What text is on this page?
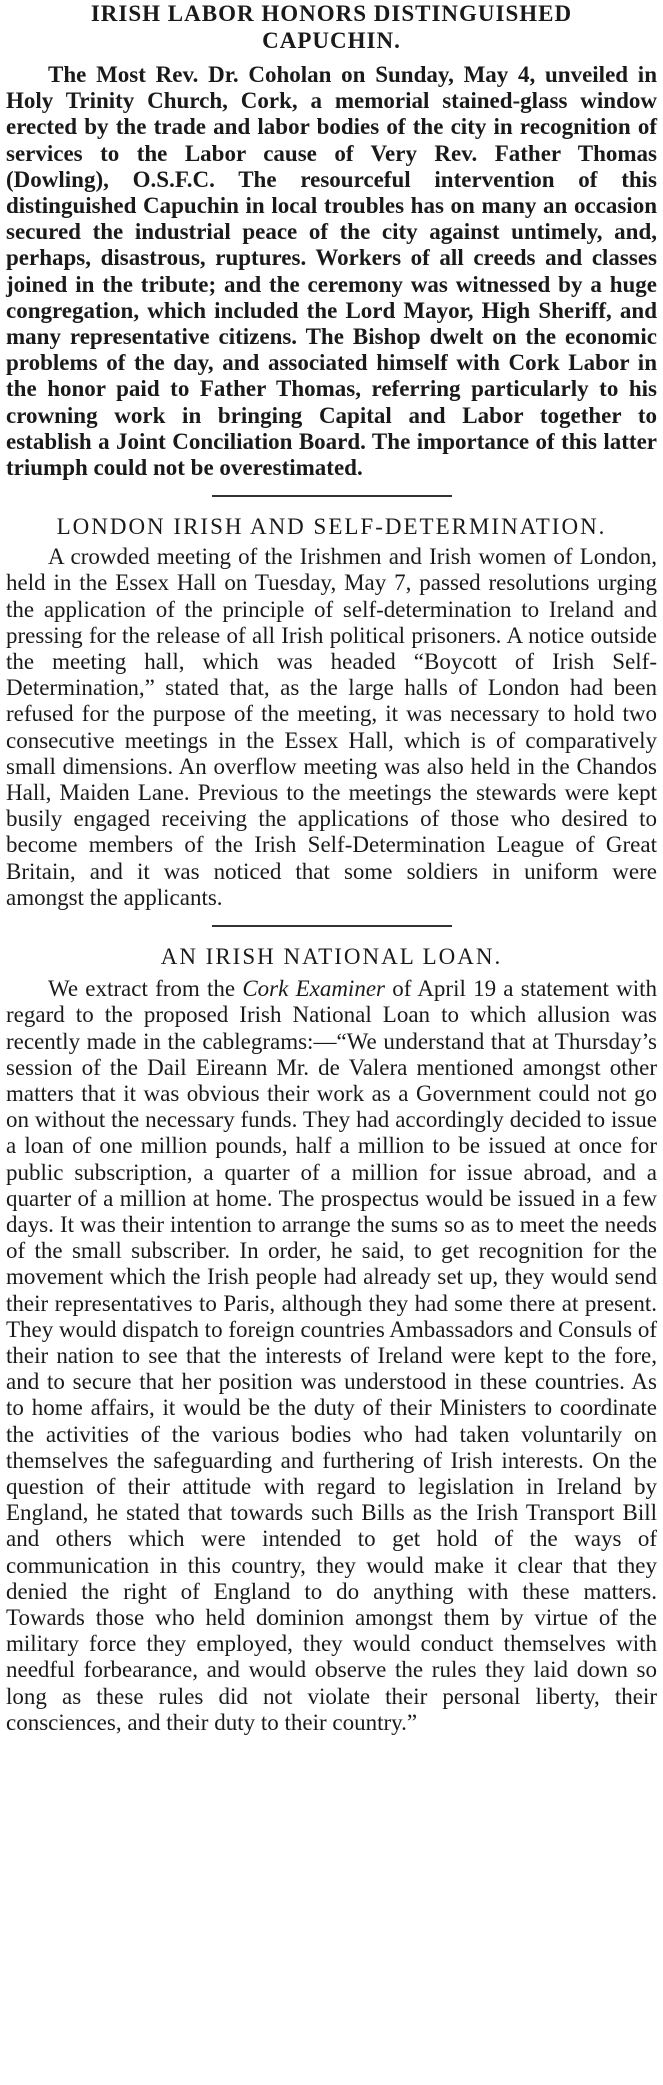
IRISH LABOR HONORS DISTINGUISHED
CAPUCHIN.

The Most Rev. Dr. Coholan on Sunday, May 4, unveiled in Holy Trinity Church, Cork, a memorial stained-glass window erected by the trade and labor bodies of the city in recognition of services to the Labor cause of Very Rev. Father Thomas (Dowling), O.S.F.C. The resourceful intervention of this distinguished Capuchin in local troubles has on many an occasion secured the industrial peace of the city against untimely, and, perhaps, disastrous, ruptures. Workers of all creeds and classes joined in the tribute; and the ceremony was witnessed by a huge congregation, which included the Lord Mayor, High Sheriff, and many representative citizens. The Bishop dwelt on the economic problems of the day, and associated himself with Cork Labor in the honor paid to Father Thomas, referring particularly to his crowning work in bringing Capital and Labor together to establish a Joint Conciliation Board. The importance of this latter triumph could not be overestimated.

LONDON IRISH AND SELF-DETERMINATION.

A crowded meeting of the Irishmen and Irish women of London, held in the Essex Hall on Tuesday, May 7, passed resolutions urging the application of the principle of self-determination to Ireland and pressing for the release of all Irish political prisoners. A notice outside the meeting hall, which was headed “Boycott of Irish Self-Determination,” stated that, as the large halls of London had been refused for the purpose of the meeting, it was necessary to hold two consecutive meetings in the Essex Hall, which is of comparatively small dimensions. An overflow meeting was also held in the Chandos Hall, Maiden Lane. Previous to the meetings the stewards were kept busily engaged receiving the applications of those who desired to become members of the Irish Self-Determination League of Great Britain, and it was noticed that some soldiers in uniform were amongst the applicants.

AN IRISH NATIONAL LOAN.

We extract from the Cork Examiner of April 19 a statement with regard to the proposed Irish National Loan to which allusion was recently made in the cablegrams:—“We understand that at Thursday’s session of the Dail Eireann Mr. de Valera mentioned amongst other matters that it was obvious their work as a Government could not go on without the necessary funds. They had accordingly decided to issue a loan of one million pounds, half a million to be issued at once for public subscription, a quarter of a million for issue abroad, and a quarter of a million at home. The prospectus would be issued in a few days. It was their intention to arrange the sums so as to meet the needs of the small subscriber. In order, he said, to get recognition for the movement which the Irish people had already set up, they would send their representatives to Paris, although they had some there at present. They would dispatch to foreign countries Ambassadors and Consuls of their nation to see that the interests of Ireland were kept to the fore, and to secure that her position was understood in these countries. As to home affairs, it would be the duty of their Ministers to coordinate the activities of the various bodies who had taken voluntarily on themselves the safeguarding and furthering of Irish interests. On the question of their attitude with regard to legislation in Ireland by England, he stated that towards such Bills as the Irish Transport Bill and others which were intended to get hold of the ways of communication in this country, they would make it clear that they denied the right of England to do anything with these matters. Towards those who held dominion amongst them by virtue of the military force they employed, they would conduct themselves with needful forbearance, and would observe the rules they laid down so long as these rules did not violate their personal liberty, their consciences, and their duty to their country.”
